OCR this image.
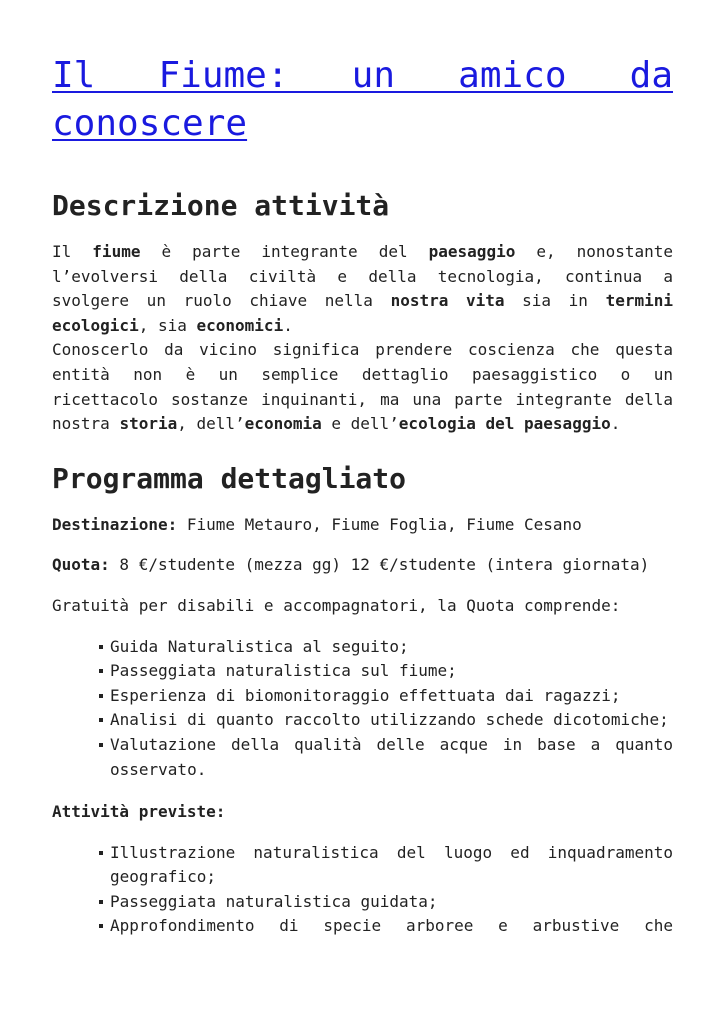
Il Fiume: un amico da conoscere
Descrizione attività

Il fiume è parte integrante del paesaggio e, nonostante l’evolversi della civiltà e della tecnologia, continua a svolgere un ruolo chiave nella nostra vita sia in termini ecologici, sia economici.

Conoscerlo da vicino significa prendere coscienza che questa entità non è un semplice dettaglio paesaggistico o un ricettacolo sostanze inquinanti, ma una parte integrante della nostra storia, dell’economia e dell’ecologia del paesaggio.

Programma dettagliato

Destinazione: Fiume Metauro, Fiume Foglia, Fiume Cesano

Quota: 8 €/studente (mezza gg) 12 €/studente (intera giornata)

Gratuità per disabili e accompagnatori, la Quota comprende:

Guida Naturalistica al seguito;
Passeggiata naturalistica sul fiume;
Esperienza di biomonitoraggio effettuata dai ragazzi;
Analisi di quanto raccolto utilizzando schede dicotomiche;
Valutazione della qualità delle acque in base a quanto osservato.

Attività previste:

Illustrazione naturalistica del luogo ed inquadramento geografico;
Passeggiata naturalistica guidata;
Approfondimento di specie arboree e arbustive che
